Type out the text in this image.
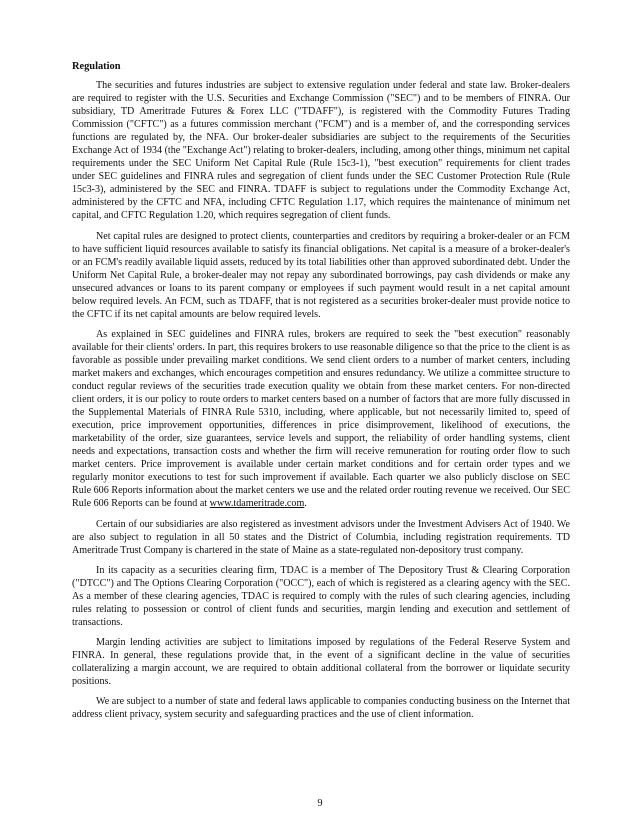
Regulation

The securities and futures industries are subject to extensive regulation under federal and state law. Broker-dealers are required to register with the U.S. Securities and Exchange Commission ("SEC") and to be members of FINRA. Our subsidiary, TD Ameritrade Futures & Forex LLC ("TDAFF"), is registered with the Commodity Futures Trading Commission ("CFTC") as a futures commission merchant ("FCM") and is a member of, and the corresponding services functions are regulated by, the NFA. Our broker-dealer subsidiaries are subject to the requirements of the Securities Exchange Act of 1934 (the "Exchange Act") relating to broker-dealers, including, among other things, minimum net capital requirements under the SEC Uniform Net Capital Rule (Rule 15c3-1), "best execution" requirements for client trades under SEC guidelines and FINRA rules and segregation of client funds under the SEC Customer Protection Rule (Rule 15c3-3), administered by the SEC and FINRA. TDAFF is subject to regulations under the Commodity Exchange Act, administered by the CFTC and NFA, including CFTC Regulation 1.17, which requires the maintenance of minimum net capital, and CFTC Regulation 1.20, which requires segregation of client funds.

Net capital rules are designed to protect clients, counterparties and creditors by requiring a broker-dealer or an FCM to have sufficient liquid resources available to satisfy its financial obligations. Net capital is a measure of a broker-dealer's or an FCM's readily available liquid assets, reduced by its total liabilities other than approved subordinated debt. Under the Uniform Net Capital Rule, a broker-dealer may not repay any subordinated borrowings, pay cash dividends or make any unsecured advances or loans to its parent company or employees if such payment would result in a net capital amount below required levels. An FCM, such as TDAFF, that is not registered as a securities broker-dealer must provide notice to the CFTC if its net capital amounts are below required levels.

As explained in SEC guidelines and FINRA rules, brokers are required to seek the "best execution" reasonably available for their clients' orders. In part, this requires brokers to use reasonable diligence so that the price to the client is as favorable as possible under prevailing market conditions. We send client orders to a number of market centers, including market makers and exchanges, which encourages competition and ensures redundancy. We utilize a committee structure to conduct regular reviews of the securities trade execution quality we obtain from these market centers. For non-directed client orders, it is our policy to route orders to market centers based on a number of factors that are more fully discussed in the Supplemental Materials of FINRA Rule 5310, including, where applicable, but not necessarily limited to, speed of execution, price improvement opportunities, differences in price disimprovement, likelihood of executions, the marketability of the order, size guarantees, service levels and support, the reliability of order handling systems, client needs and expectations, transaction costs and whether the firm will receive remuneration for routing order flow to such market centers. Price improvement is available under certain market conditions and for certain order types and we regularly monitor executions to test for such improvement if available. Each quarter we also publicly disclose on SEC Rule 606 Reports information about the market centers we use and the related order routing revenue we received. Our SEC Rule 606 Reports can be found at www.tdameritrade.com.

Certain of our subsidiaries are also registered as investment advisors under the Investment Advisers Act of 1940. We are also subject to regulation in all 50 states and the District of Columbia, including registration requirements. TD Ameritrade Trust Company is chartered in the state of Maine as a state-regulated non-depository trust company.

In its capacity as a securities clearing firm, TDAC is a member of The Depository Trust & Clearing Corporation ("DTCC") and The Options Clearing Corporation ("OCC"), each of which is registered as a clearing agency with the SEC. As a member of these clearing agencies, TDAC is required to comply with the rules of such clearing agencies, including rules relating to possession or control of client funds and securities, margin lending and execution and settlement of transactions.

Margin lending activities are subject to limitations imposed by regulations of the Federal Reserve System and FINRA. In general, these regulations provide that, in the event of a significant decline in the value of securities collateralizing a margin account, we are required to obtain additional collateral from the borrower or liquidate security positions.

We are subject to a number of state and federal laws applicable to companies conducting business on the Internet that address client privacy, system security and safeguarding practices and the use of client information.

9
